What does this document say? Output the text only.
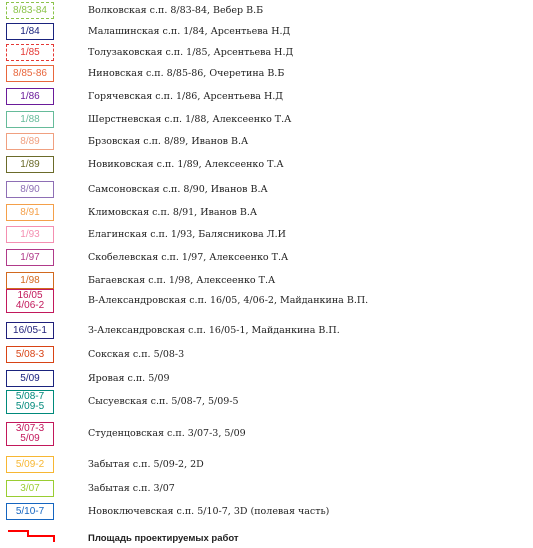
8/83-84	Волковская с.п. 8/83-84, Вебер В.Б
1/84	Малашинская с.п. 1/84, Арсентьева Н.Д
1/85	Толузаковская с.п. 1/85, Арсентьева Н.Д
8/85-86	Ниновская с.п. 8/85-86, Очеретина В.Б
1/86	Горячевская с.п. 1/86, Арсентьева Н.Д
1/88	Шерстневская с.п. 1/88, Алексеенко Т.А
8/89	Брзовская с.п. 8/89, Иванов В.А
1/89	Новиковская с.п. 1/89, Алексеенко Т.А
8/90	Самсоновская с.п. 8/90, Иванов В.А
8/91	Климовская с.п. 8/91, Иванов В.А
1/93	Елагинская с.п. 1/93, Балясникова Л.И
1/97	Скобелевская с.п. 1/97, Алексеенко Т.А
1/98	Багаевская с.п. 1/98, Алексеенко Т.А
16/05
4/06-2	В-Александровская с.п. 16/05, 4/06-2, Майданкина В.П.
16/05-1	З-Александровская с.п. 16/05-1, Майданкина В.П.
5/08-3	Сокская с.п. 5/08-3
5/09	Яровая с.п. 5/09
5/08-7
5/09-5	Сысуевская с.п. 5/08-7, 5/09-5
3/07-3
5/09	Студенцовская с.п. 3/07-3, 5/09
5/09-2	Забытая с.п. 5/09-2, 2D
3/07	Забытая с.п. 3/07
5/10-7	Новоключевская с.п. 5/10-7, 3D (полевая часть)
Площадь проектируемых работ
